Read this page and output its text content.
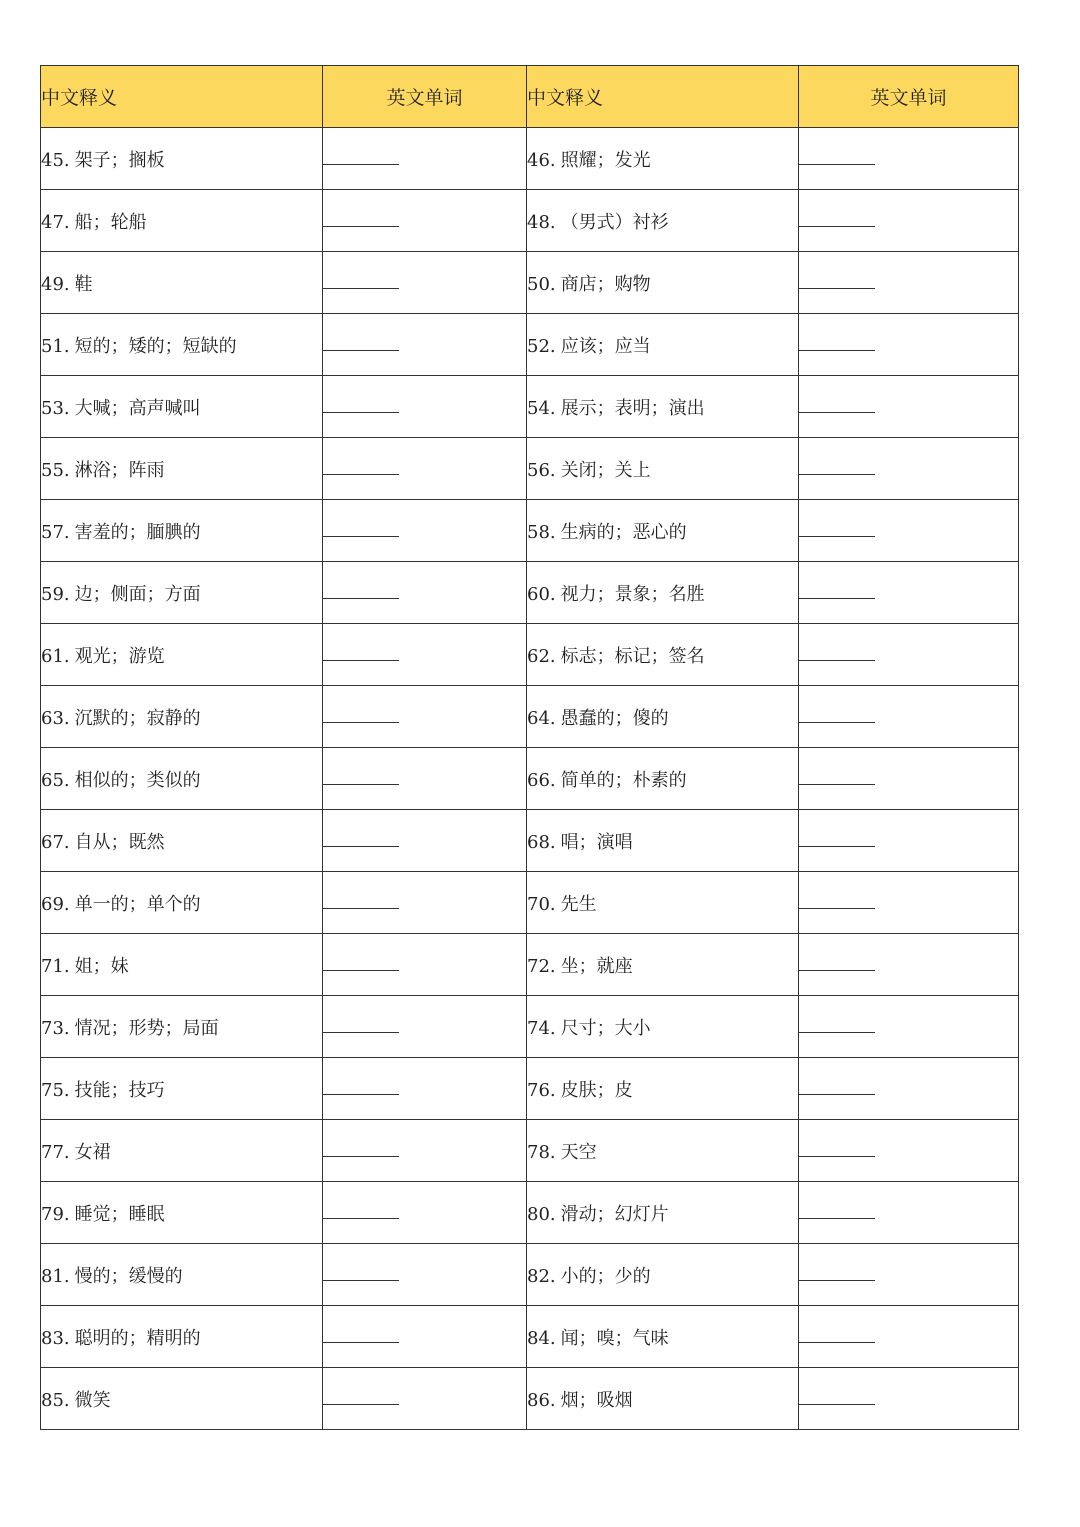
中文释义	英文单词	中文释义	英文单词
45. 架子；搁板		46. 照耀；发光	
47. 船；轮船		48. （男式）衬衫	
49. 鞋		50. 商店；购物	
51. 短的；矮的；短缺的		52. 应该；应当	
53. 大喊；高声喊叫		54. 展示；表明；演出	
55. 淋浴；阵雨		56. 关闭；关上	
57. 害羞的；腼腆的		58. 生病的；恶心的	
59. 边；侧面；方面		60. 视力；景象；名胜	
61. 观光；游览		62. 标志；标记；签名	
63. 沉默的；寂静的		64. 愚蠢的；傻的	
65. 相似的；类似的		66. 简单的；朴素的	
67. 自从；既然		68. 唱；演唱	
69. 单一的；单个的		70. 先生	
71. 姐；妹		72. 坐；就座	
73. 情况；形势；局面		74. 尺寸；大小	
75. 技能；技巧		76. 皮肤；皮	
77. 女裙		78. 天空	
79. 睡觉；睡眠		80. 滑动；幻灯片	
81. 慢的；缓慢的		82. 小的；少的	
83. 聪明的；精明的		84. 闻；嗅；气味	
85. 微笑		86. 烟；吸烟	
